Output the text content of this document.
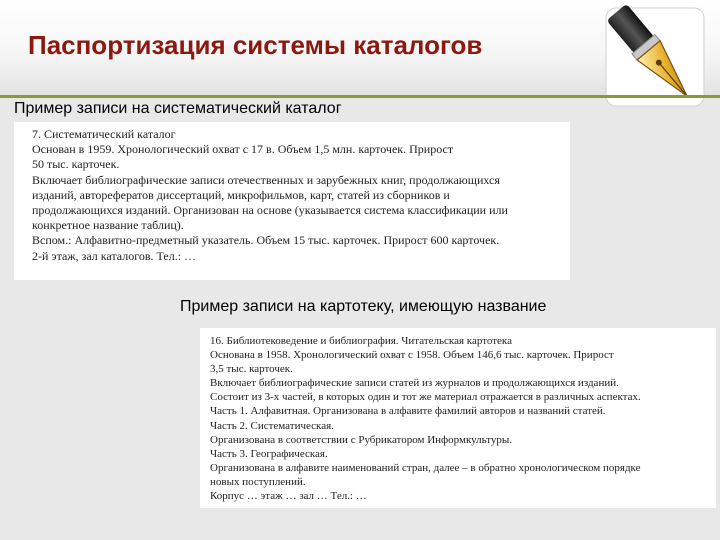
Паспортизация системы каталогов
Пример записи на систематический каталог
7. Систематический каталог
Основан в 1959. Хронологический охват с 17 в. Объем 1,5 млн. карточек. Прирост
50 тыс. карточек.
Включает библиографические записи отечественных и зарубежных книг, продолжающихся
изданий, авторефератов диссертаций, микрофильмов, карт, статей из сборников и
продолжающихся изданий. Организован на основе (указывается система классификации или
конкретное название таблиц).
Вспом.: Алфавитно-предметный указатель. Объем 15 тыс. карточек. Прирост 600 карточек.
2-й этаж, зал каталогов. Тел.: …
Пример записи на картотеку, имеющую название
16. Библиотековедение и библиография. Читательская картотека
Основана в 1958. Хронологический охват с 1958. Объем 146,6 тыс. карточек. Прирост
3,5 тыс. карточек.
Включает библиографические записи статей из журналов и продолжающихся изданий.
Состоит из 3-х частей, в которых один и тот же материал отражается в различных аспектах.
Часть 1. Алфавитная. Организована в алфавите фамилий авторов и названий статей.
Часть 2. Систематическая.
Организована в соответствии с Рубрикатором Информкультуры.
Часть 3. Географическая.
Организована в алфавите наименований стран, далее – в обратно хронологическом порядке
новых поступлений.
Корпус … этаж … зал … Тел.: …
